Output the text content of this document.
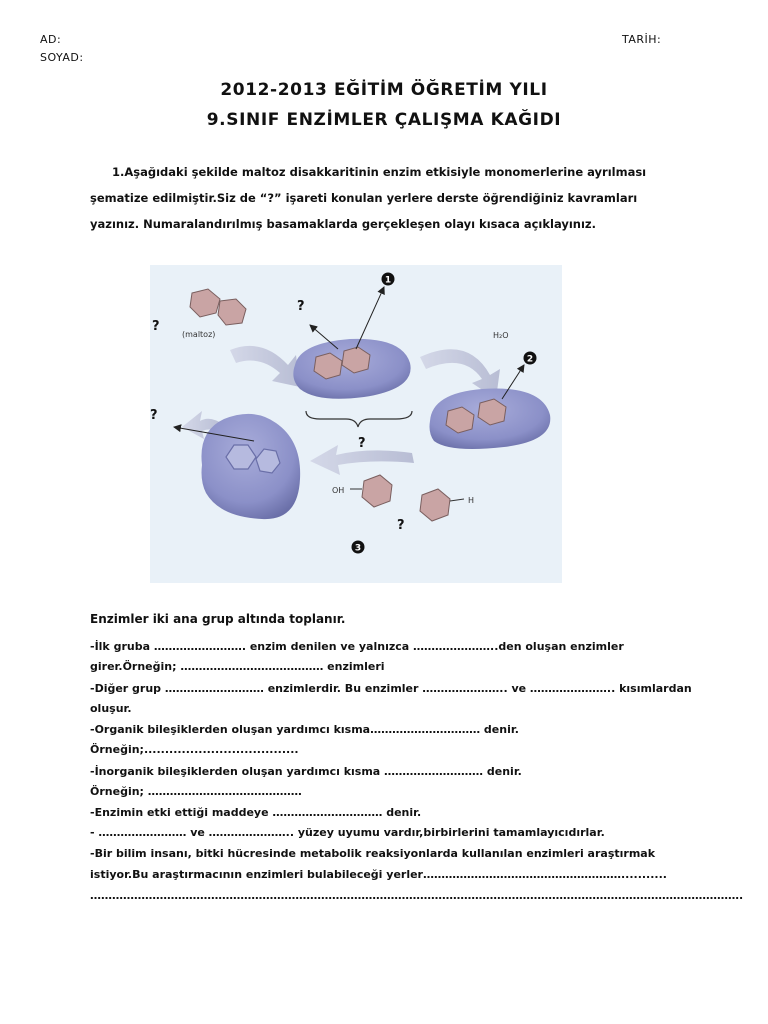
AD:
SOYAD:
TARİH:
2012-2013 EĞİTİM ÖĞRETİM YILI
9.SINIF ENZİMLER ÇALIŞMA KAĞIDI
1.Aşağıdaki şekilde maltoz disakkaritinin enzim etkisiyle monomerlerine ayrılması
şematize edilmiştir.Siz de “?” işareti konulan yerlere derste öğrendiğiniz kavramları
yazınız. Numaralandırılmış basamaklarda gerçekleşen olayı kısaca açıklayınız.
1
2
3
(maltoz)	H₂O
OH
H
?
?
?
?
?
Enzimler iki ana grup altında toplanır.
-İlk gruba ……………………. enzim denilen ve yalnızca …………………..den oluşan enzimler
girer.Örneğin; ………………………………… enzimleri
-Diğer grup ……………………… enzimlerdir. Bu enzimler ………………….. ve ………………….. kısımlardan
oluşur.
-Organik bileşiklerden oluşan yardımcı kısma………………………… denir.
Örneğin;.....................................
-İnorganik bileşiklerden oluşan yardımcı kısma ……………………… denir.
Örneğin; ……………………………………
-Enzimin etki ettiği maddeye ………………………… denir.
- …………………… ve ………………….. yüzey uyumu vardır,birbirlerini tamamlayıcıdırlar.
-Bir bilim insanı, bitki hücresinde metabolik reaksiyonlarda kullanılan enzimleri araştırmak
istiyor.Bu araştırmacının enzimleri bulabileceği yerler………………………………………………...........
…………………………………………………………………………………………………………………………………………………………….
